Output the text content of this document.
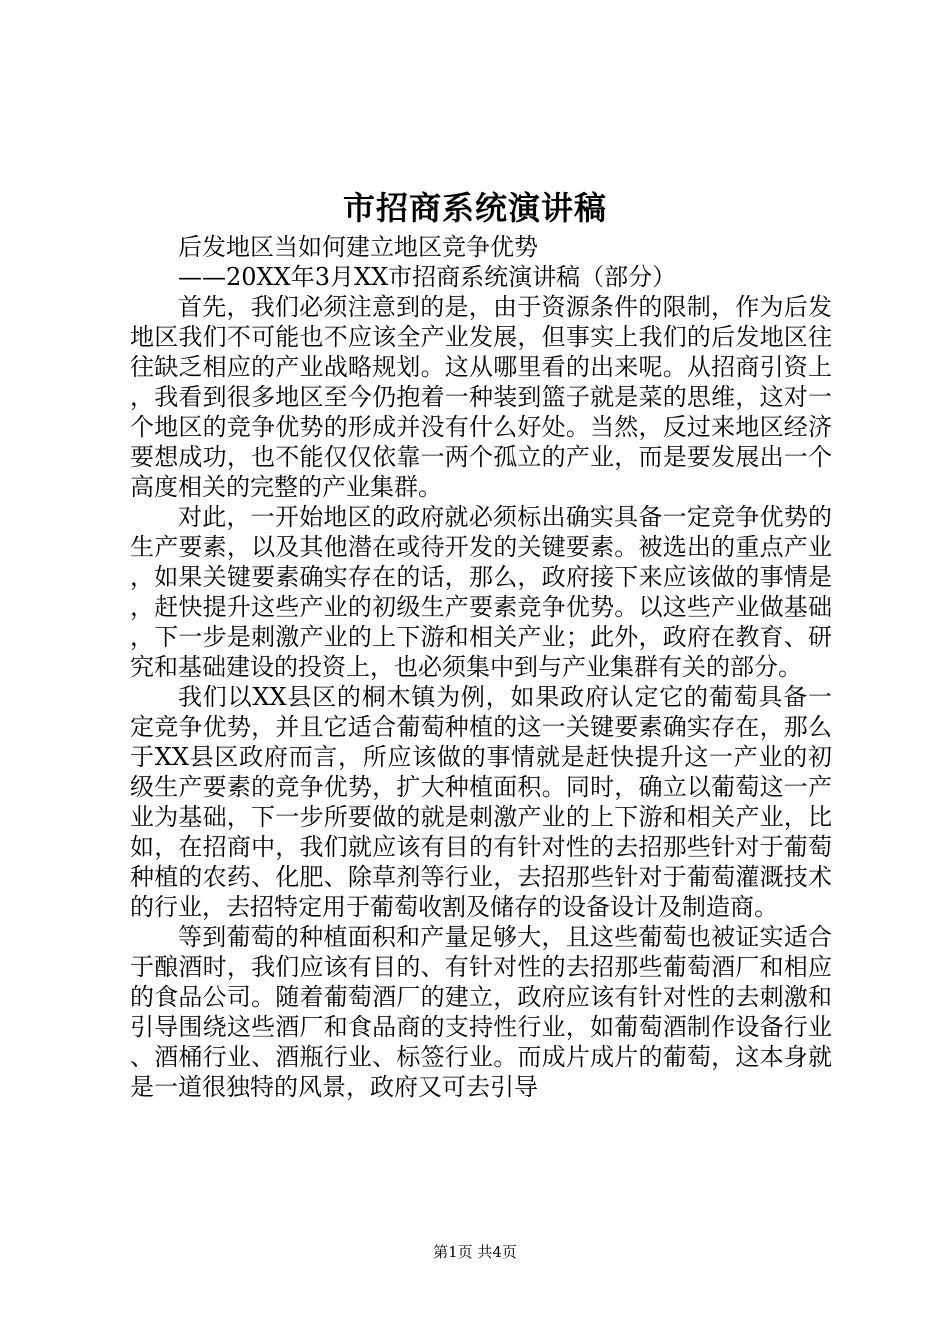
市招商系统演讲稿

后发地区当如何建立地区竞争优势

——20XX年3月XX市招商系统演讲稿（部分）

首先，我们必须注意到的是，由于资源条件的限制，作为后发地区我们不可能也不应该全产业发展，但事实上我们的后发地区往往缺乏相应的产业战略规划。这从哪里看的出来呢。从招商引资上，我看到很多地区至今仍抱着一种装到篮子就是菜的思维，这对一个地区的竞争优势的形成并没有什么好处。当然，反过来地区经济要想成功，也不能仅仅依靠一两个孤立的产业，而是要发展出一个高度相关的完整的产业集群。

对此，一开始地区的政府就必须标出确实具备一定竞争优势的生产要素，以及其他潜在或待开发的关键要素。被选出的重点产业，如果关键要素确实存在的话，那么，政府接下来应该做的事情是，赶快提升这些产业的初级生产要素竞争优势。以这些产业做基础，下一步是刺激产业的上下游和相关产业；此外，政府在教育、研究和基础建设的投资上，也必须集中到与产业集群有关的部分。

我们以XX县区的桐木镇为例，如果政府认定它的葡萄具备一定竞争优势，并且它适合葡萄种植的这一关键要素确实存在，那么于XX县区政府而言，所应该做的事情就是赶快提升这一产业的初级生产要素的竞争优势，扩大种植面积。同时，确立以葡萄这一产业为基础，下一步所要做的就是刺激产业的上下游和相关产业，比如，在招商中，我们就应该有目的有针对性的去招那些针对于葡萄种植的农药、化肥、除草剂等行业，去招那些针对于葡萄灌溉技术的行业，去招特定用于葡萄收割及储存的设备设计及制造商。

等到葡萄的种植面积和产量足够大，且这些葡萄也被证实适合于酿酒时，我们应该有目的、有针对性的去招那些葡萄酒厂和相应的食品公司。随着葡萄酒厂的建立，政府应该有针对性的去刺激和引导围绕这些酒厂和食品商的支持性行业，如葡萄酒制作设备行业、酒桶行业、酒瓶行业、标签行业。而成片成片的葡萄，这本身就是一道很独特的风景，政府又可去引导

第1页 共4页
